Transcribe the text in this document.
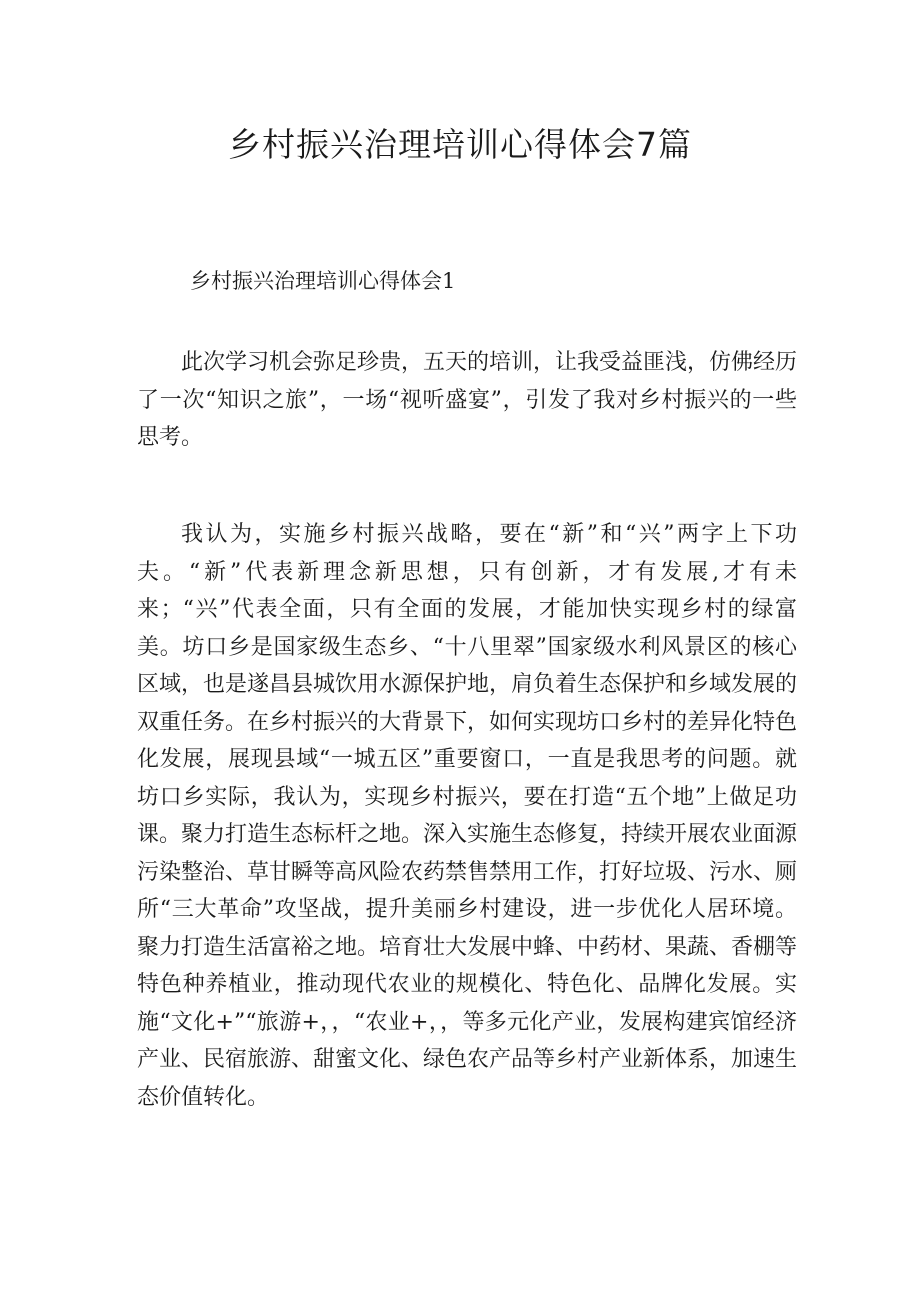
乡村振兴治理培训心得体会7篇
乡村振兴治理培训心得体会1

此次学习机会弥足珍贵，五天的培训，让我受益匪浅，仿佛经历了一次“知识之旅”，一场“视听盛宴”，引发了我对乡村振兴的一些思考。

我认为，实施乡村振兴战略，要在“新”和“兴”两字上下功夫。“新”代表新理念新思想，只有创新，才有发展,才有未来；“兴”代表全面，只有全面的发展，才能加快实现乡村的绿富美。坊口乡是国家级生态乡、“十八里翠”国家级水利风景区的核心区域，也是遂昌县城饮用水源保护地，肩负着生态保护和乡域发展的双重任务。在乡村振兴的大背景下，如何实现坊口乡村的差异化特色化发展，展现县域“一城五区”重要窗口，一直是我思考的问题。就坊口乡实际，我认为，实现乡村振兴，要在打造“五个地”上做足功课。聚力打造生态标杆之地。深入实施生态修复，持续开展农业面源污染整治、草甘瞬等高风险农药禁售禁用工作，打好垃圾、污水、厕所“三大革命”攻坚战，提升美丽乡村建设，进一步优化人居环境。聚力打造生活富裕之地。培育壮大发展中蜂、中药材、果蔬、香棚等特色种养植业，推动现代农业的规模化、特色化、品牌化发展。实施“文化+”“旅游+，，“农业+，，等多元化产业，发展构建宾馆经济产业、民宿旅游、甜蜜文化、绿色农产品等乡村产业新体系，加速生态价值转化。
